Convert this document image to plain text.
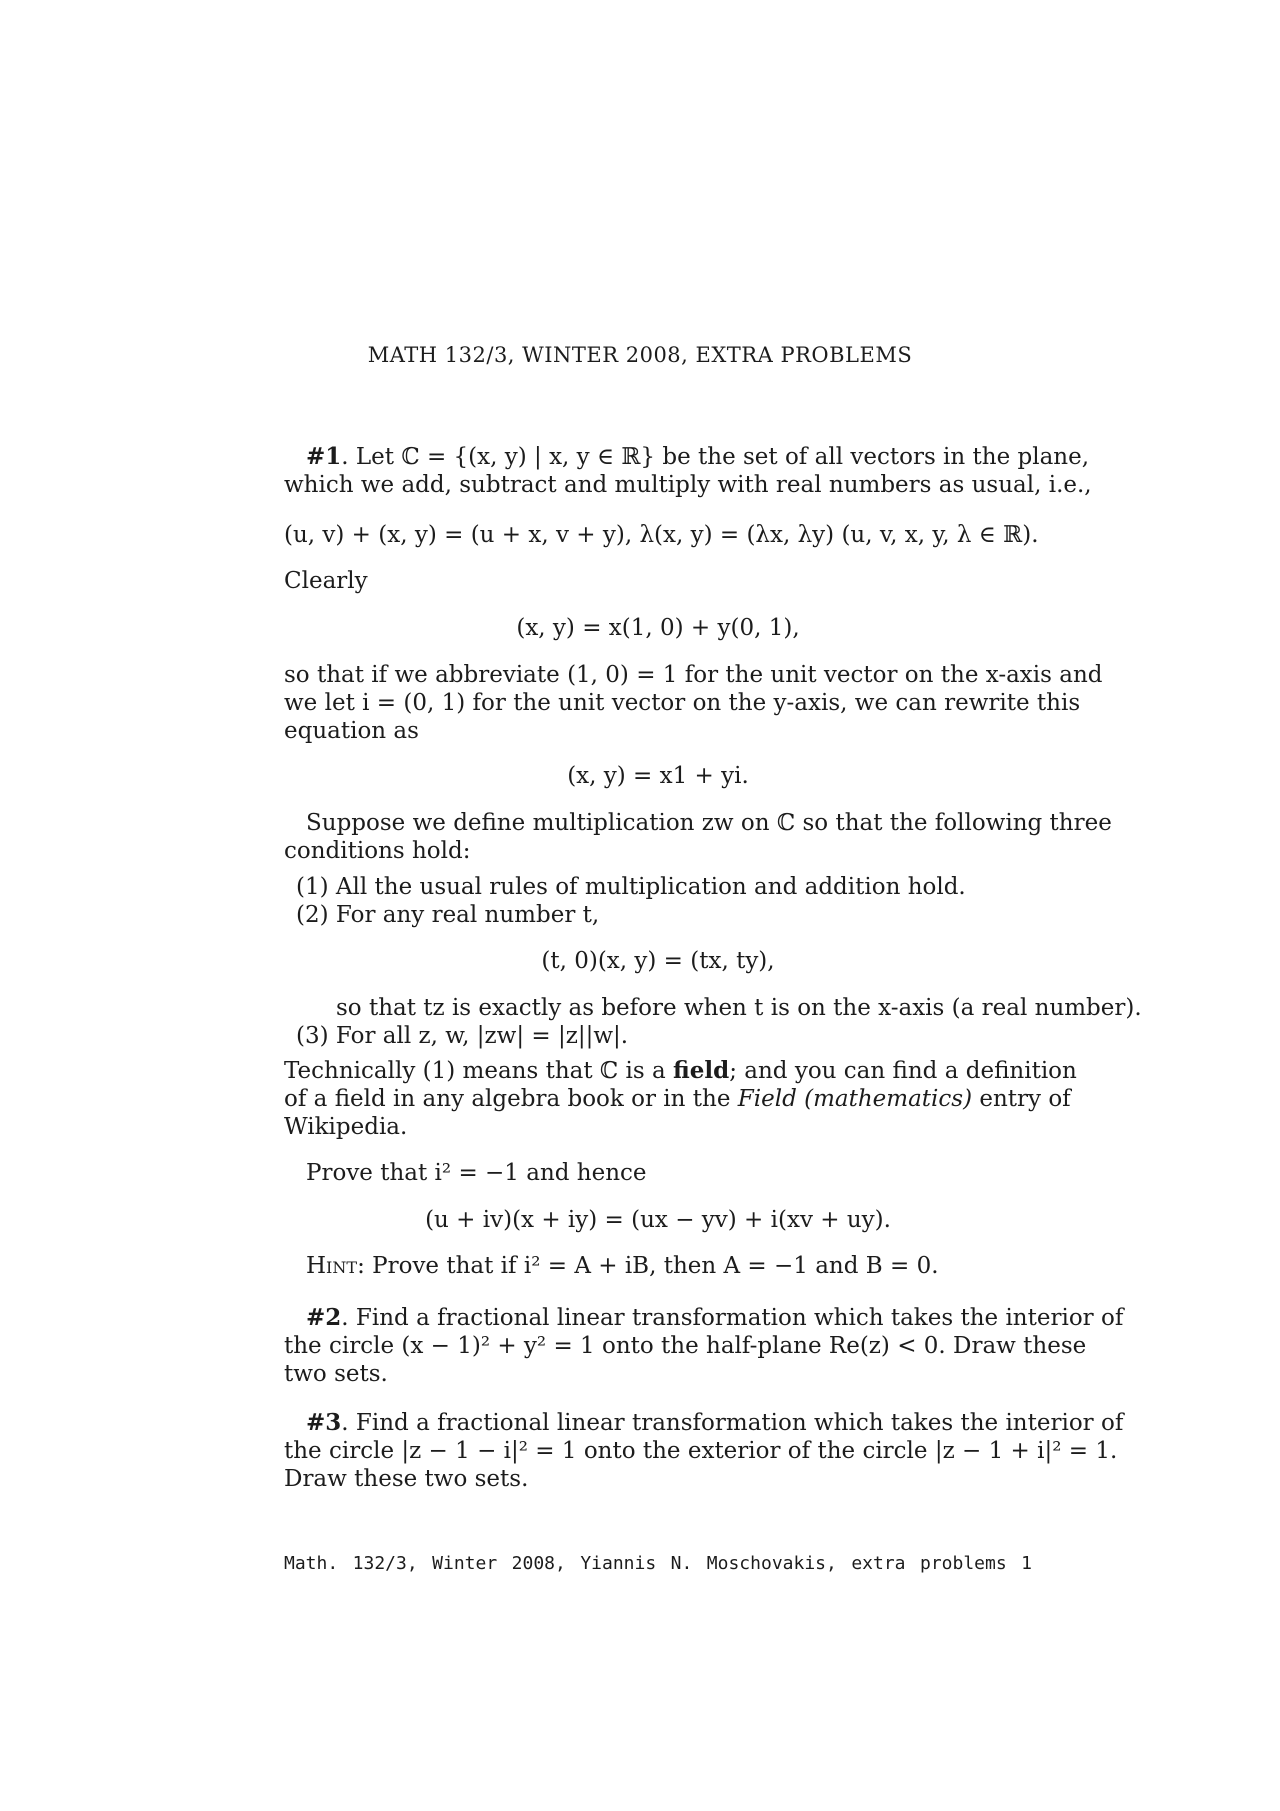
MATH 132/3, WINTER 2008, EXTRA PROBLEMS
#1. Let ℂ = {(x, y) | x, y ∈ ℝ} be the set of all vectors in the plane,
which we add, subtract and multiply with real numbers as usual, i.e.,
(u, v) + (x, y) = (u + x, v + y), λ(x, y) = (λx, λy) (u, v, x, y, λ ∈ ℝ).
Clearly
(x, y) = x(1, 0) + y(0, 1),
so that if we abbreviate (1, 0) = 1 for the unit vector on the x-axis and
we let i = (0, 1) for the unit vector on the y-axis, we can rewrite this
equation as
(x, y) = x1 + yi.
Suppose we define multiplication zw on ℂ so that the following three
conditions hold:
(1) All the usual rules of multiplication and addition hold.
(2) For any real number t,
(t, 0)(x, y) = (tx, ty),
so that tz is exactly as before when t is on the x-axis (a real number).
(3) For all z, w, |zw| = |z||w|.
Technically (1) means that ℂ is a field; and you can find a definition
of a field in any algebra book or in the Field (mathematics) entry of
Wikipedia.
Prove that i² = −1 and hence
(u + iv)(x + iy) = (ux − yv) + i(xv + uy).
Hint: Prove that if i² = A + iB, then A = −1 and B = 0.
#2. Find a fractional linear transformation which takes the interior of
the circle (x − 1)² + y² = 1 onto the half-plane Re(z) < 0. Draw these
two sets.
#3. Find a fractional linear transformation which takes the interior of
the circle |z − 1 − i|² = 1 onto the exterior of the circle |z − 1 + i|² = 1.
Draw these two sets.
Math. 132/3, Winter 2008, Yiannis N. Moschovakis, extra problems 1
